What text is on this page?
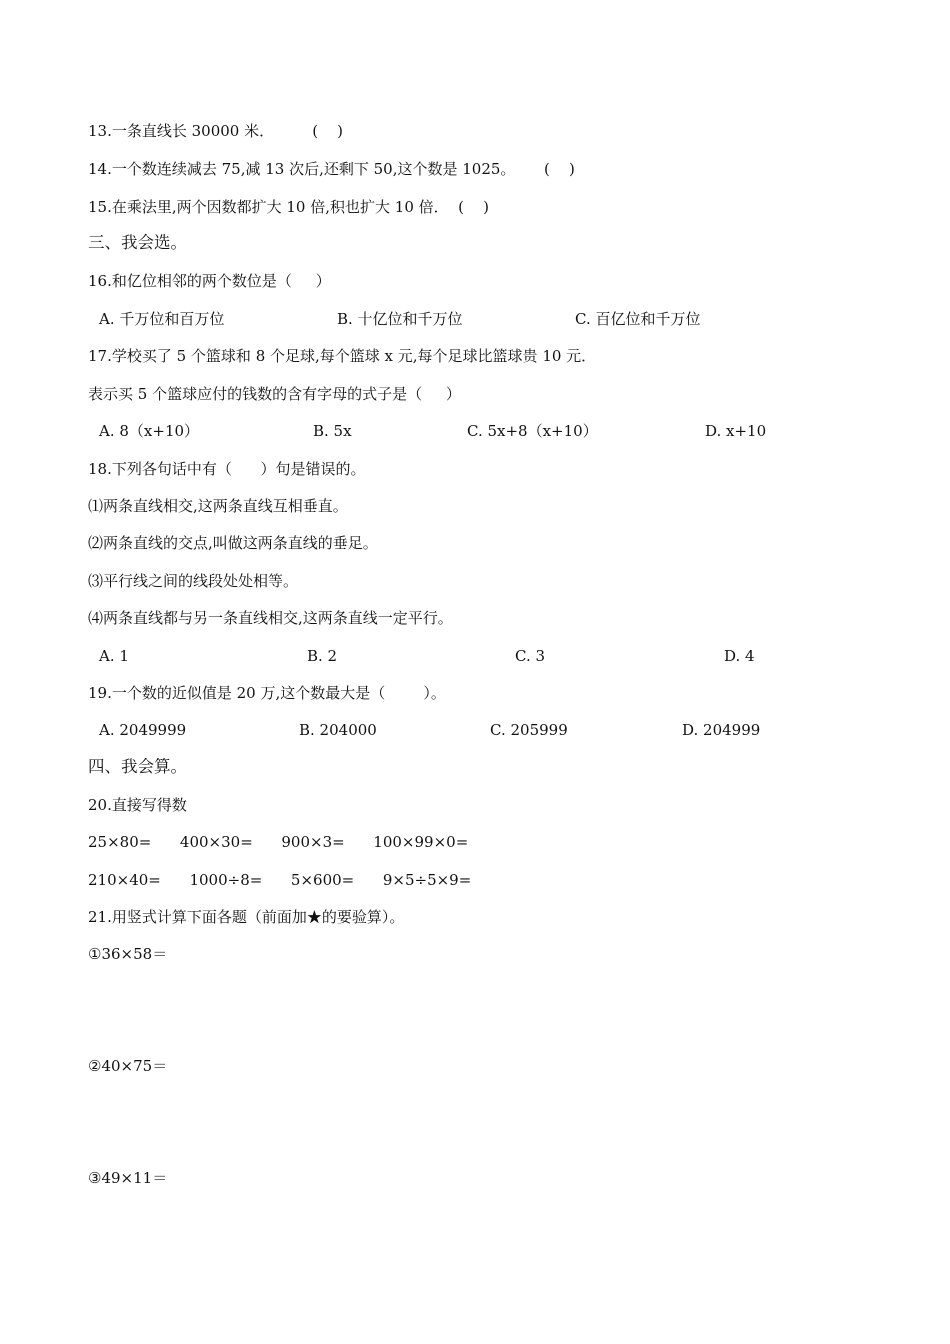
13.一条直线长 30000 米．        (    )
14.一个数连续减去 75,减 13 次后,还剩下 50,这个数是 1025。      (    )
15.在乘法里,两个因数都扩大 10 倍,积也扩大 10 倍．  (    )
三、我会选。
16.和亿位相邻的两个数位是（     ）
A. 千万位和百万位	B. 十亿位和千万位	C. 百亿位和千万位
17.学校买了 5 个篮球和 8 个足球,每个篮球 x 元,每个足球比篮球贵 10 元．
表示买 5 个篮球应付的钱数的含有字母的式子是（     ）
A. 8（x+10）	B. 5x	C. 5x+8（x+10）	D. x+10
18.下列各句话中有（      ）句是错误的。
⑴两条直线相交,这两条直线互相垂直。
⑵两条直线的交点,叫做这两条直线的垂足。
⑶平行线之间的线段处处相等。
⑷两条直线都与另一条直线相交,这两条直线一定平行。
A. 1	B. 2	C. 3	D. 4
19.一个数的近似值是 20 万,这个数最大是（        ）。
A. 2049999	B. 204000	C. 205999	D. 204999
四、我会算。
20.直接写得数
25×80=      400×30=      900×3=      100×99×0=
210×40=      1000÷8=      5×600=      9×5÷5×9=
21.用竖式计算下面各题（前面加★的要验算）。
①36×58＝
②40×75＝
③49×11＝
